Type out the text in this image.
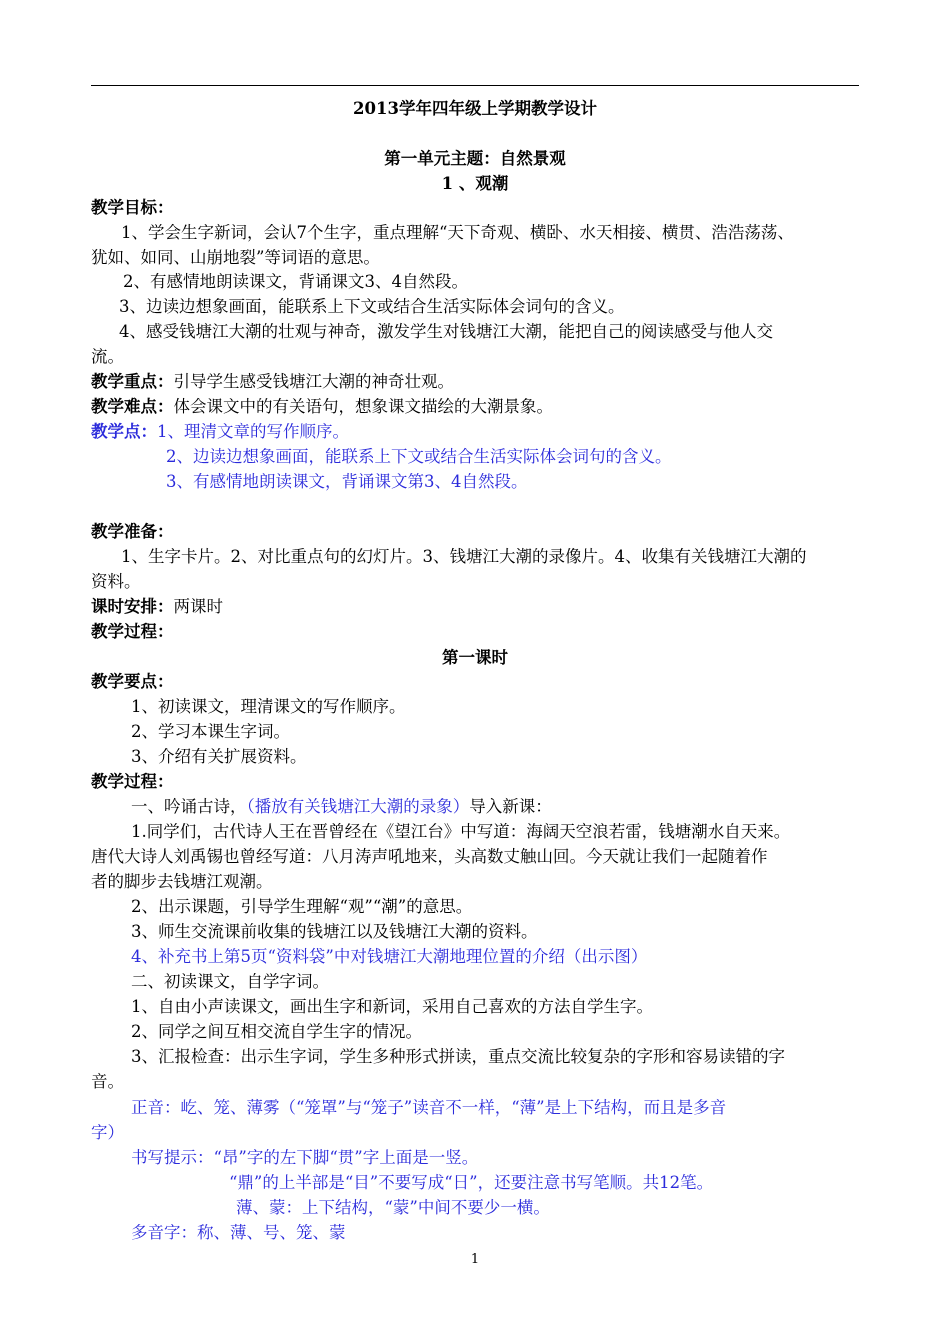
2013学年四年级上学期教学设计
第一单元主题：自然景观
1 、观潮
教学目标：
1、学会生字新词，会认7个生字，重点理解“天下奇观、横卧、水天相接、横贯、浩浩荡荡、
犹如、如同、山崩地裂”等词语的意思。
2、有感情地朗读课文，背诵课文3、4自然段。
3、边读边想象画面，能联系上下文或结合生活实际体会词句的含义。
4、感受钱塘江大潮的壮观与神奇，激发学生对钱塘江大潮，能把自己的阅读感受与他人交
流。
教学重点：引导学生感受钱塘江大潮的神奇壮观。
教学难点：体会课文中的有关语句，想象课文描绘的大潮景象。
教学点：1、理清文章的写作顺序。
2、边读边想象画面，能联系上下文或结合生活实际体会词句的含义。
3、有感情地朗读课文，背诵课文第3、4自然段。
教学准备：
1、生字卡片。2、对比重点句的幻灯片。3、钱塘江大潮的录像片。4、收集有关钱塘江大潮的
资料。
课时安排：两课时
教学过程：
第一课时
教学要点：
1、初读课文，理清课文的写作顺序。
2、学习本课生字词。
3、介绍有关扩展资料。
教学过程：
一、吟诵古诗，（播放有关钱塘江大潮的录象）导入新课：
1.同学们，古代诗人王在晋曾经在《望江台》中写道：海阔天空浪若雷，钱塘潮水自天来。
唐代大诗人刘禹锡也曾经写道：八月涛声吼地来，头高数丈触山回。今天就让我们一起随着作
者的脚步去钱塘江观潮。
2、出示课题，引导学生理解“观”“潮”的意思。
3、师生交流课前收集的钱塘江以及钱塘江大潮的资料。
4、补充书上第5页“资料袋”中对钱塘江大潮地理位置的介绍（出示图）
二、初读课文，自学字词。
1、自由小声读课文，画出生字和新词，采用自己喜欢的方法自学生字。
2、同学之间互相交流自学生字的情况。
3、汇报检查：出示生字词，学生多种形式拼读，重点交流比较复杂的字形和容易读错的字
音。
正音：屹、笼、薄雾（“笼罩”与“笼子”读音不一样，“薄”是上下结构，而且是多音
字）
书写提示：“昂”字的左下脚“贯”字上面是一竖。
“鼎”的上半部是“目”不要写成“日”，还要注意书写笔顺。共12笔。
薄、蒙：上下结构，“蒙”中间不要少一横。
多音字：称、薄、号、笼、蒙
1
